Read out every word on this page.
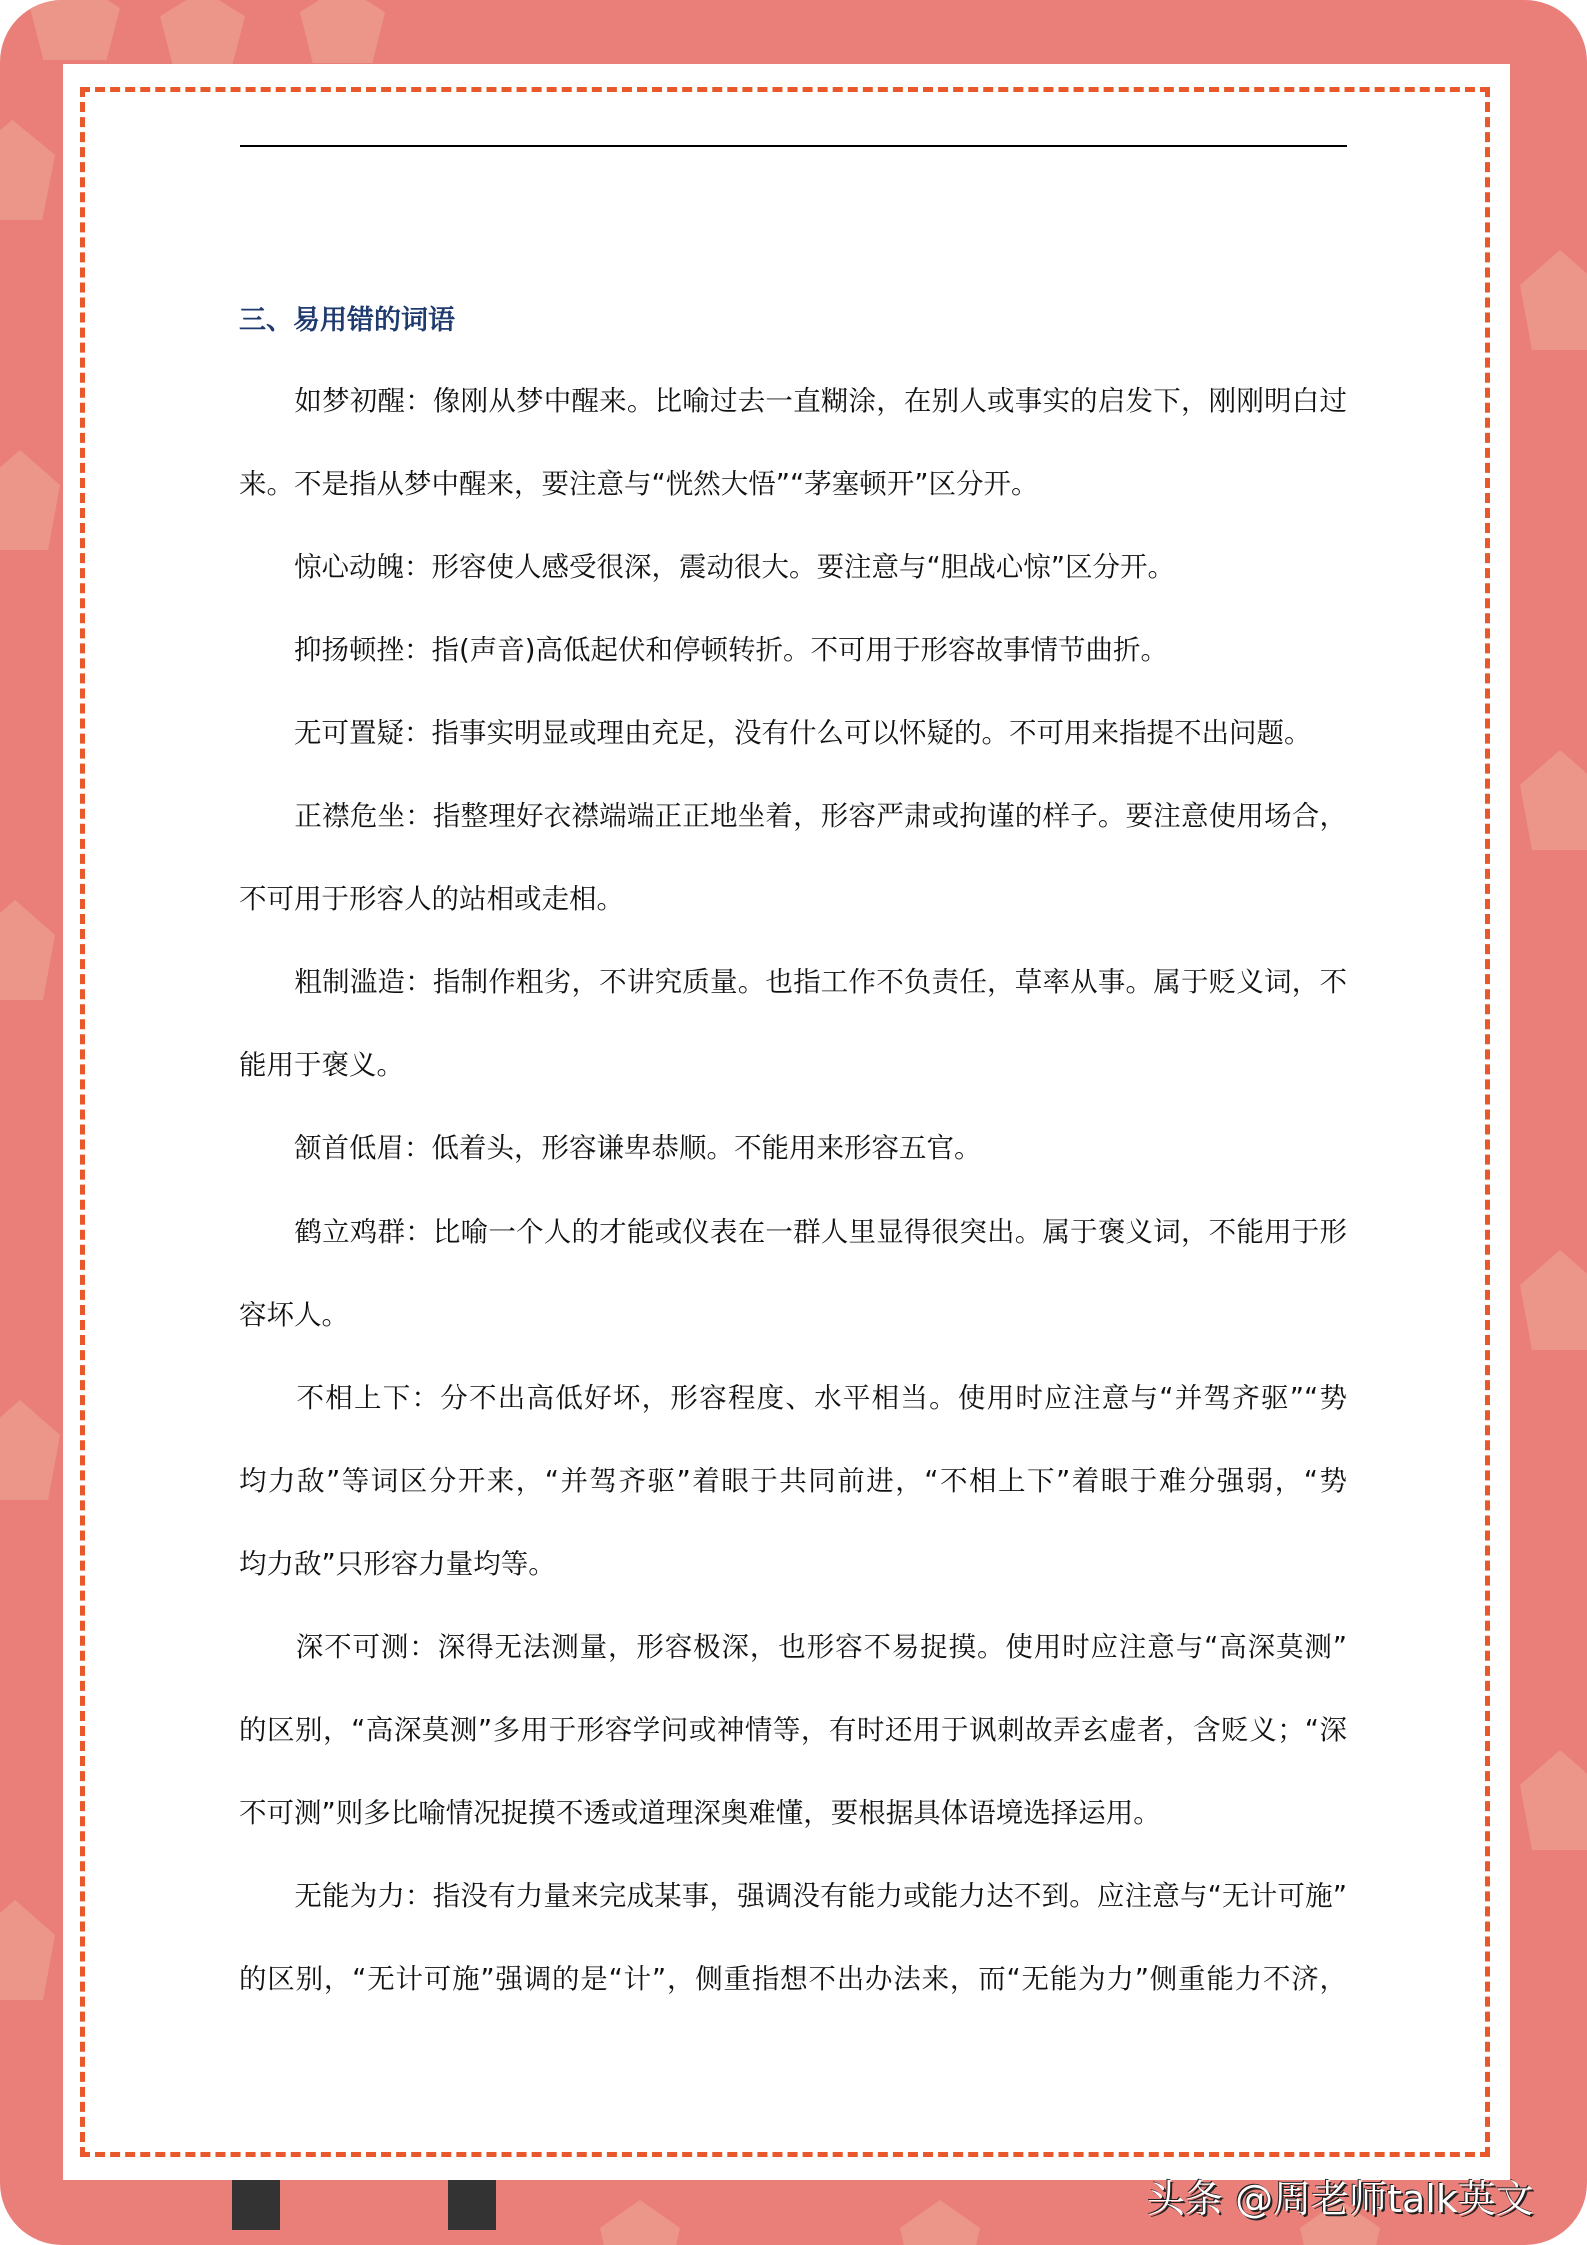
三、易用错的词语
　　如梦初醒：像刚从梦中醒来。比喻过去一直糊涂，在别人或事实的启发下，刚刚明白过
来。不是指从梦中醒来，要注意与“恍然大悟”“茅塞顿开”区分开。
　　惊心动魄：形容使人感受很深，震动很大。要注意与“胆战心惊”区分开。
　　抑扬顿挫：指(声音)高低起伏和停顿转折。不可用于形容故事情节曲折。
　　无可置疑：指事实明显或理由充足，没有什么可以怀疑的。不可用来指提不出问题。
　　正襟危坐：指整理好衣襟端端正正地坐着，形容严肃或拘谨的样子。要注意使用场合，
不可用于形容人的站相或走相。
　　粗制滥造：指制作粗劣，不讲究质量。也指工作不负责任，草率从事。属于贬义词，不
能用于褒义。
　　颔首低眉：低着头，形容谦卑恭顺。不能用来形容五官。
　　鹤立鸡群：比喻一个人的才能或仪表在一群人里显得很突出。属于褒义词，不能用于形
容坏人。
　　不相上下：分不出高低好坏，形容程度、水平相当。使用时应注意与“并驾齐驱”“势
均力敌”等词区分开来，“并驾齐驱”着眼于共同前进，“不相上下”着眼于难分强弱，“势
均力敌”只形容力量均等。
　　深不可测：深得无法测量，形容极深，也形容不易捉摸。使用时应注意与“高深莫测”
的区别，“高深莫测”多用于形容学问或神情等，有时还用于讽刺故弄玄虚者，含贬义；“深
不可测”则多比喻情况捉摸不透或道理深奥难懂，要根据具体语境选择运用。
　　无能为力：指没有力量来完成某事，强调没有能力或能力达不到。应注意与“无计可施”
的区别，“无计可施”强调的是“计”，侧重指想不出办法来，而“无能为力”侧重能力不济，
头条 @周老师talk英文
